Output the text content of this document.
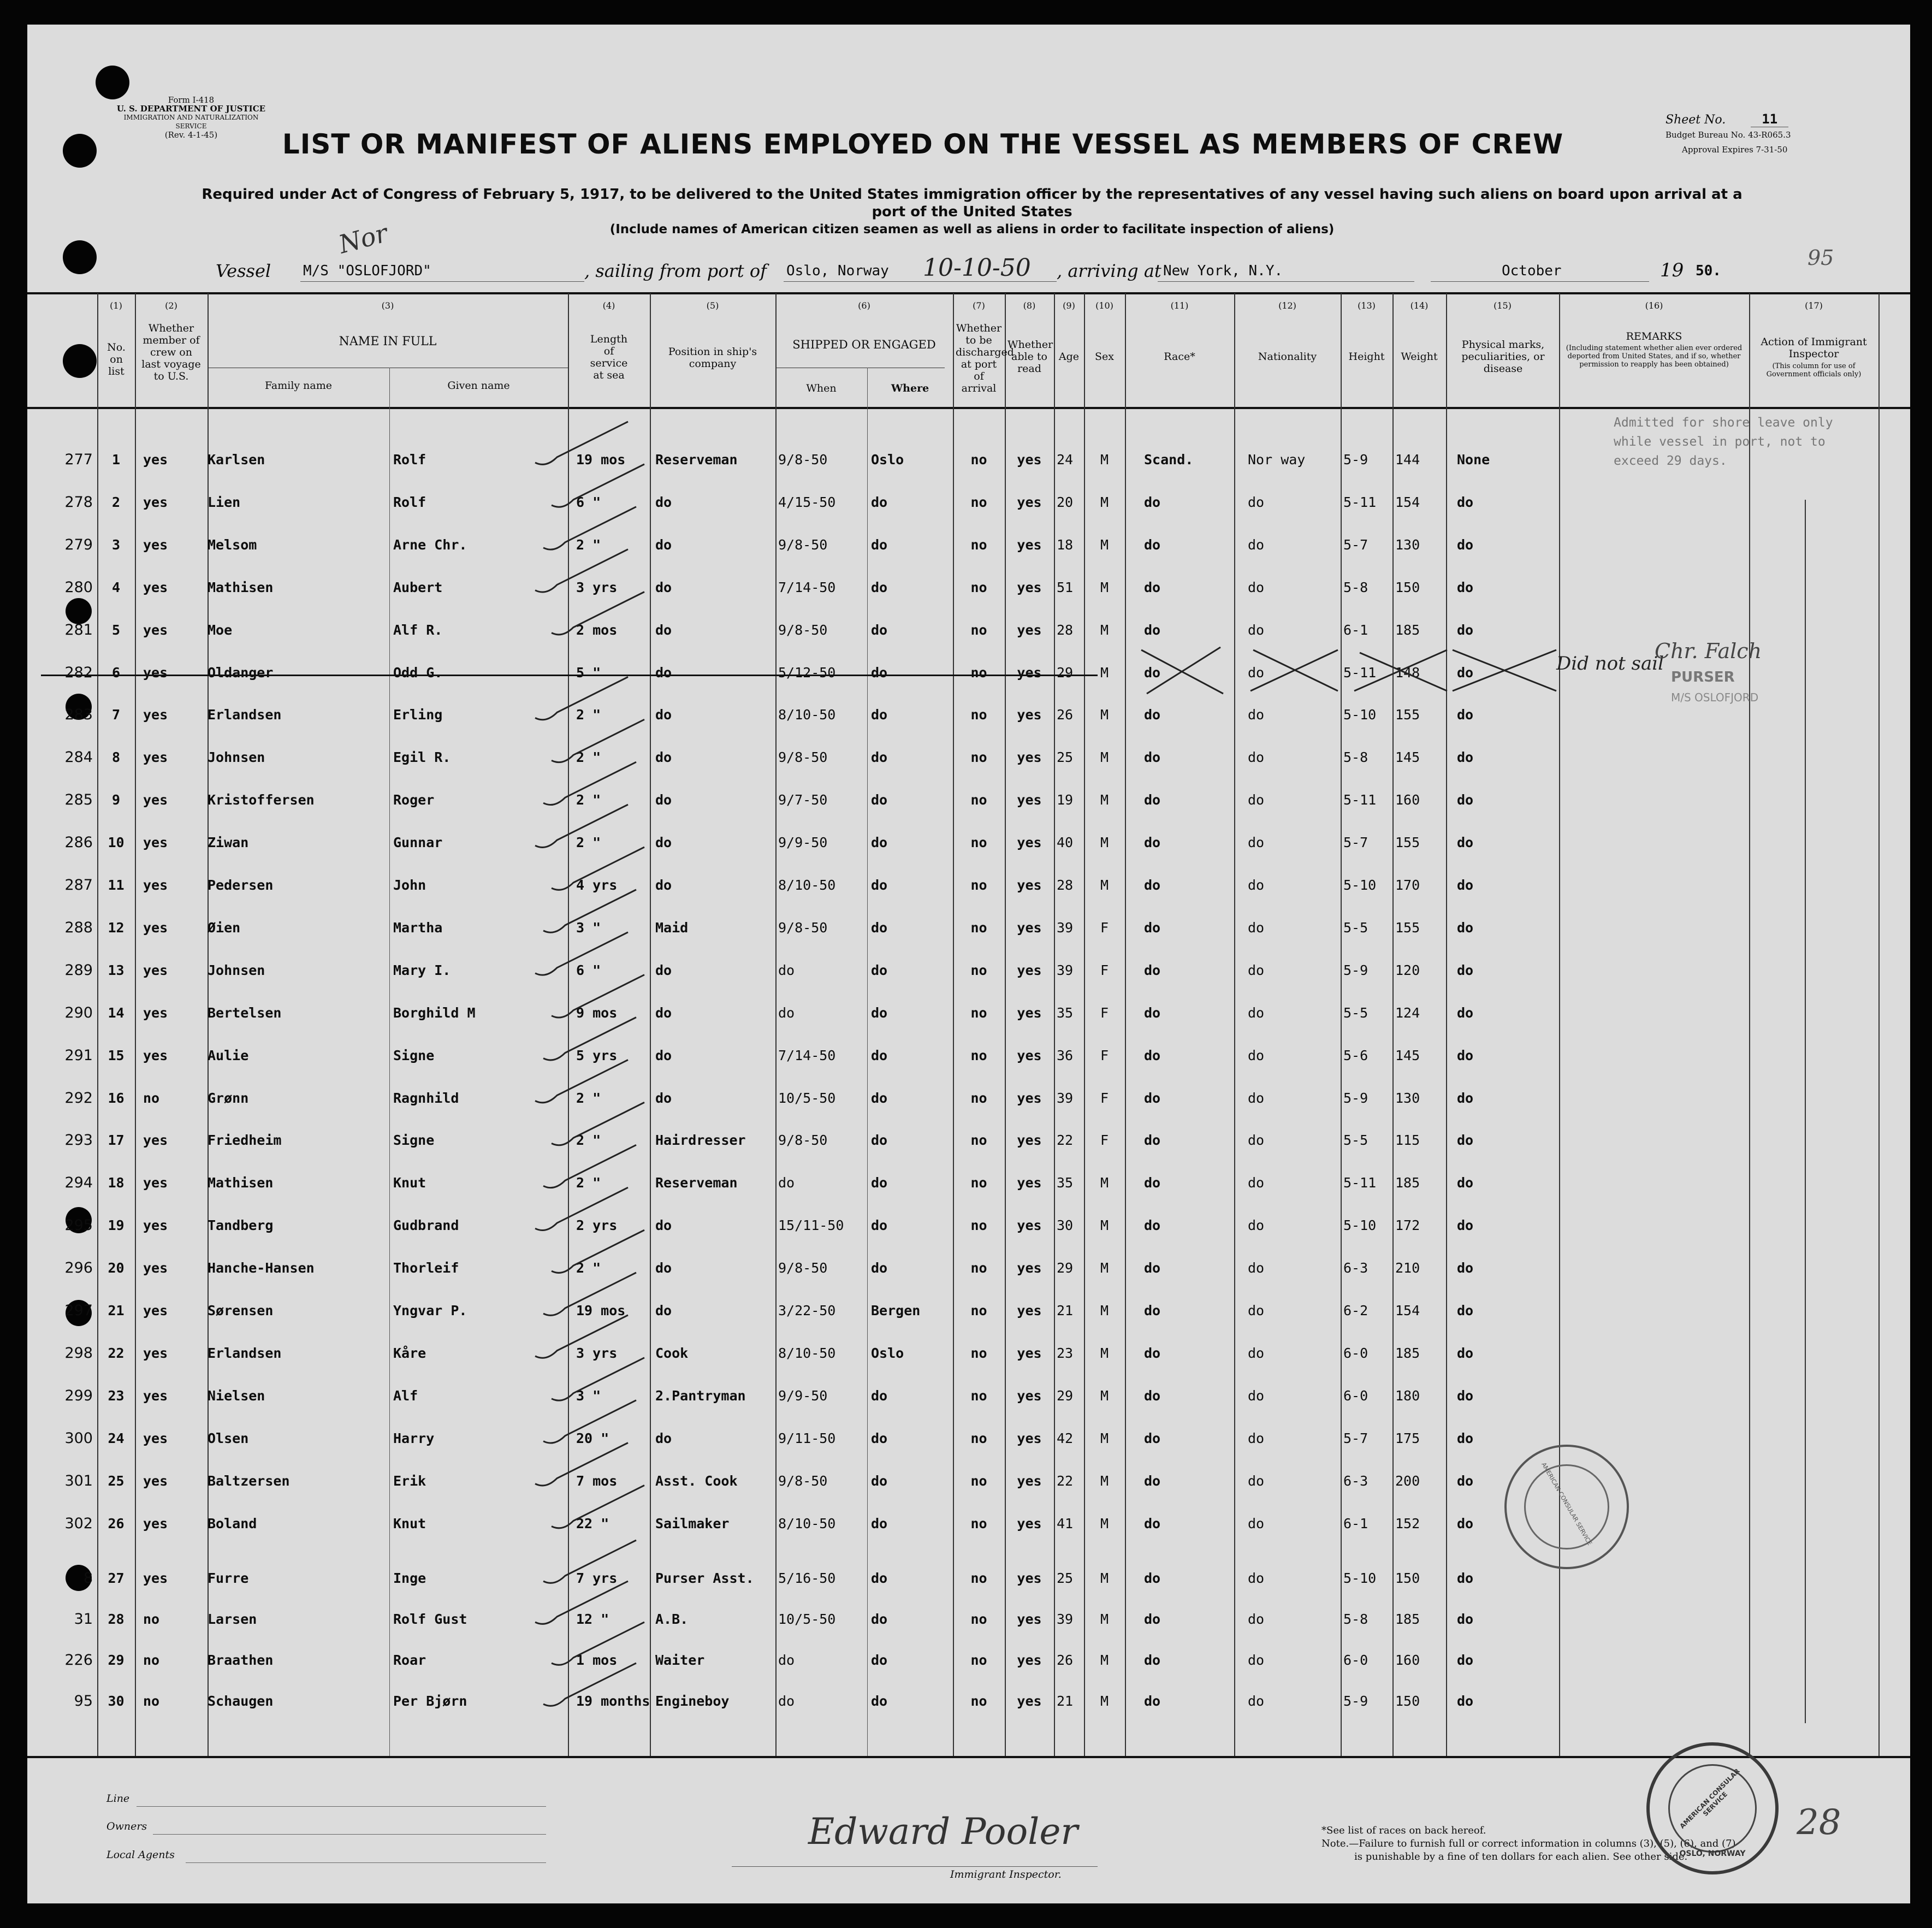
Form I-418
U. S. DEPARTMENT OF JUSTICE
IMMIGRATION AND NATURALIZATION SERVICE
(Rev. 4-1-45)
Sheet No.	11
Budget Bureau No. 43-R065.3
Approval Expires 7-31-50
95
LIST OR MANIFEST OF ALIENS EMPLOYED ON THE VESSEL AS MEMBERS OF CREW
Required under Act of Congress of February 5, 1917, to be delivered to the United States immigration officer by the representatives of any vessel having such aliens on board upon arrival at a
port of the United States
(Include names of American citizen seamen as well as aliens in order to facilitate inspection of aliens)
Vessel M/S "OSLOFJORD"
Nor
, sailing from port of Oslo, Norway 10-10-50 , arriving at New York, N.Y.	October	19 50.
(1)
No. on list
(2)
Whether member of crew on last voyage to U.S.
(3)
NAME IN FULL
Family name	Given name
(4)
Length of service at sea
(5)
Position in ship's company
(6)
SHIPPED OR ENGAGED
When	Where
(7)
Whether to be discharged at port of arrival
(8)
Whether able to read
(9)
Age
(10)
Sex
(11)
Race*
(12)
Nationality
(13)
Height
(14)
Weight
(15)
Physical marks, peculiarities, or disease
(16)
REMARKS
(Including statement whether alien ever ordered deported from United States, and if so, whether permission to reapply has been obtained)
(17)
Action of Immigrant Inspector
(This column for use of Government officials only)
277	1	yes	Karlsen	Rolf	19 mos	Reserveman	9/8-50	Oslo	no	yes	24	M	Scand.	Nor way	5-9	144	None
278	2	yes	Lien	Rolf	6 "	do	4/15-50	do	no	yes	20	M	do	do	5-11	154	do
279	3	yes	Melsom	Arne Chr.	2 "	do	9/8-50	do	no	yes	18	M	do	do	5-7	130	do
280	4	yes	Mathisen	Aubert	3 yrs	do	7/14-50	do	no	yes	51	M	do	do	5-8	150	do
281	5	yes	Moe	Alf R.	2 mos	do	9/8-50	do	no	yes	28	M	do	do	6-1	185	do
282	6	yes	Oldanger	Odd G.	5 "	do	5/12-50	do	no	yes	29	M	do	do	5-11	148	do
283	7	yes	Erlandsen	Erling	2 "	do	8/10-50	do	no	yes	26	M	do	do	5-10	155	do
284	8	yes	Johnsen	Egil R.	2 "	do	9/8-50	do	no	yes	25	M	do	do	5-8	145	do
285	9	yes	Kristoffersen	Roger	2 "	do	9/7-50	do	no	yes	19	M	do	do	5-11	160	do
286	10	yes	Ziwan	Gunnar	2 "	do	9/9-50	do	no	yes	40	M	do	do	5-7	155	do
287	11	yes	Pedersen	John	4 yrs	do	8/10-50	do	no	yes	28	M	do	do	5-10	170	do
288	12	yes	Øien	Martha	3 "	Maid	9/8-50	do	no	yes	39	F	do	do	5-5	155	do
289	13	yes	Johnsen	Mary I.	6 "	do	do	do	no	yes	39	F	do	do	5-9	120	do
290	14	yes	Bertelsen	Borghild M	9 mos	do	do	do	no	yes	35	F	do	do	5-5	124	do
291	15	yes	Aulie	Signe	5 yrs	do	7/14-50	do	no	yes	36	F	do	do	5-6	145	do
292	16	no	Grønn	Ragnhild	2 "	do	10/5-50	do	no	yes	39	F	do	do	5-9	130	do
293	17	yes	Friedheim	Signe	2 "	Hairdresser	9/8-50	do	no	yes	22	F	do	do	5-5	115	do
294	18	yes	Mathisen	Knut	2 "	Reserveman	do	do	no	yes	35	M	do	do	5-11	185	do
295	19	yes	Tandberg	Gudbrand	2 yrs	do	15/11-50	do	no	yes	30	M	do	do	5-10	172	do
296	20	yes	Hanche-Hansen	Thorleif	2 "	do	9/8-50	do	no	yes	29	M	do	do	6-3	210	do
297	21	yes	Sørensen	Yngvar P.	19 mos	do	3/22-50	Bergen	no	yes	21	M	do	do	6-2	154	do
298	22	yes	Erlandsen	Kåre	3 yrs	Cook	8/10-50	Oslo	no	yes	23	M	do	do	6-0	185	do
299	23	yes	Nielsen	Alf	3 "	2.Pantryman	9/9-50	do	no	yes	29	M	do	do	6-0	180	do
300	24	yes	Olsen	Harry	20 "	do	9/11-50	do	no	yes	42	M	do	do	5-7	175	do
301	25	yes	Baltzersen	Erik	7 mos	Asst. Cook	9/8-50	do	no	yes	22	M	do	do	6-3	200	do
302	26	yes	Boland	Knut	22 "	Sailmaker	8/10-50	do	no	yes	41	M	do	do	6-1	152	do
8	27	yes	Furre	Inge	7 yrs	Purser Asst.	5/16-50	do	no	yes	25	M	do	do	5-10	150	do
31	28	no	Larsen	Rolf Gust	12 "	A.B.	10/5-50	do	no	yes	39	M	do	do	5-8	185	do
226	29	no	Braathen	Roar	1 mos	Waiter	do	do	no	yes	26	M	do	do	6-0	160	do
95	30	no	Schaugen	Per Bjørn	19 months Engineboy	do	do	no	yes	21	M	do	do	5-9	150	do
Did not sail
Chr. Falch
PURSER
M/S OSLOFJORD
Admitted for shore leave only while vessel in port, not to exceed 29 days.
Line
Owners
Local Agents
Edward Pooler
Immigrant Inspector.
*See list of races on back hereof.
Note.—Failure to furnish full or correct information in columns (3), (5), (6), and (7)
is punishable by a fine of ten dollars for each alien. See other side.
AMERICAN CONSULAR SERVICE
OSLO, NORWAY
AMERICAN CONSULAR SERVICE
28
